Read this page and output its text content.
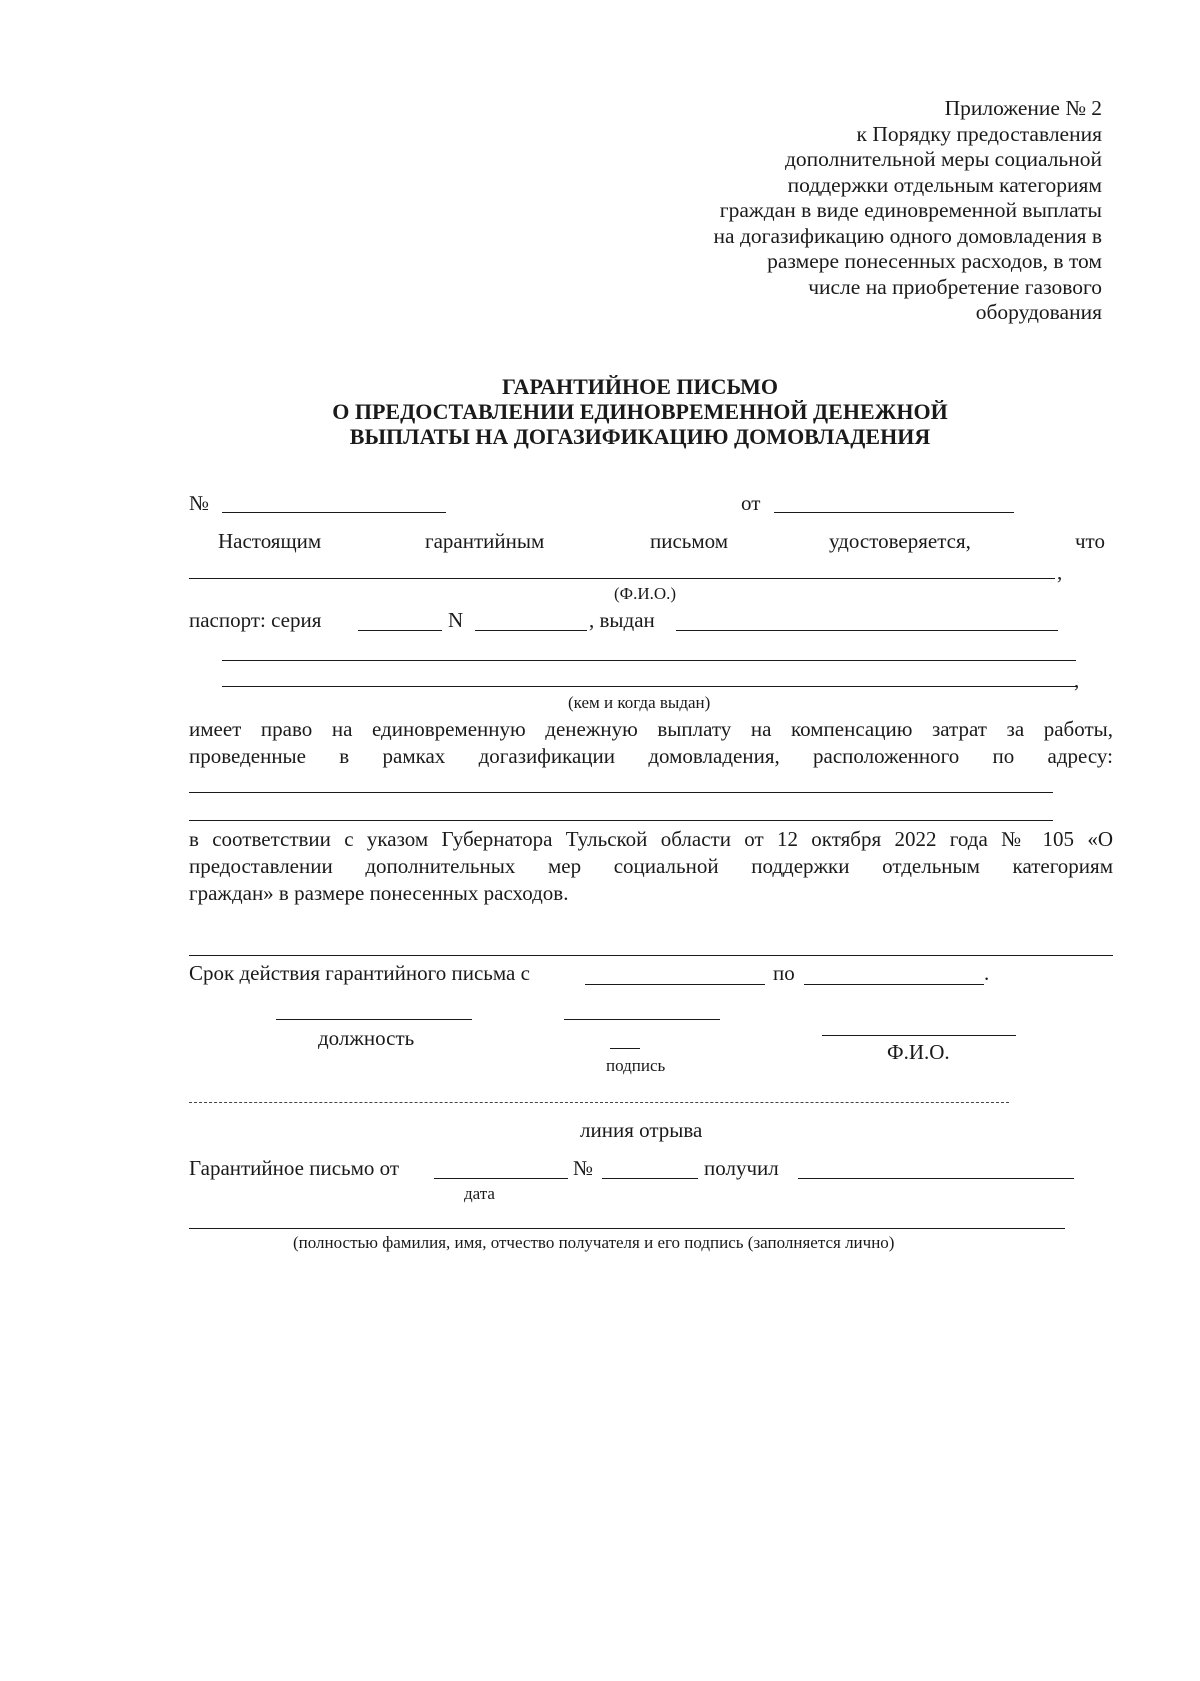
Приложение № 2
к Порядку предоставления
дополнительной меры социальной
поддержки отдельным категориям
граждан в виде единовременной выплаты
на догазификацию одного домовладения в
размере понесенных расходов, в том
числе на приобретение газового
оборудования
ГАРАНТИЙНОЕ ПИСЬМО
О ПРЕДОСТАВЛЕНИИ ЕДИНОВРЕМЕННОЙ ДЕНЕЖНОЙ
ВЫПЛАТЫ НА ДОГАЗИФИКАЦИЮ ДОМОВЛАДЕНИЯ
№	от
Настоящим	гарантийным	письмом	удостоверяется,	что
,
(Ф.И.О.)
паспорт: серия	N	, выдан
,
(кем и когда выдан)
имеет право на единовременную денежную выплату на компенсацию затрат за работы,
проведенные в рамках догазификации домовладения, расположенного по адресу:
в соответствии с указом Губернатора Тульской области от 12 октября 2022 года № 105 «О
предоставлении дополнительных мер социальной поддержки отдельным категориям
граждан» в размере понесенных расходов.
Срок действия гарантийного письма с	по	.
должность
подпись
Ф.И.О.
линия отрыва
Гарантийное письмо от	№	получил
дата
(полностью фамилия, имя, отчество получателя и его подпись (заполняется лично)
